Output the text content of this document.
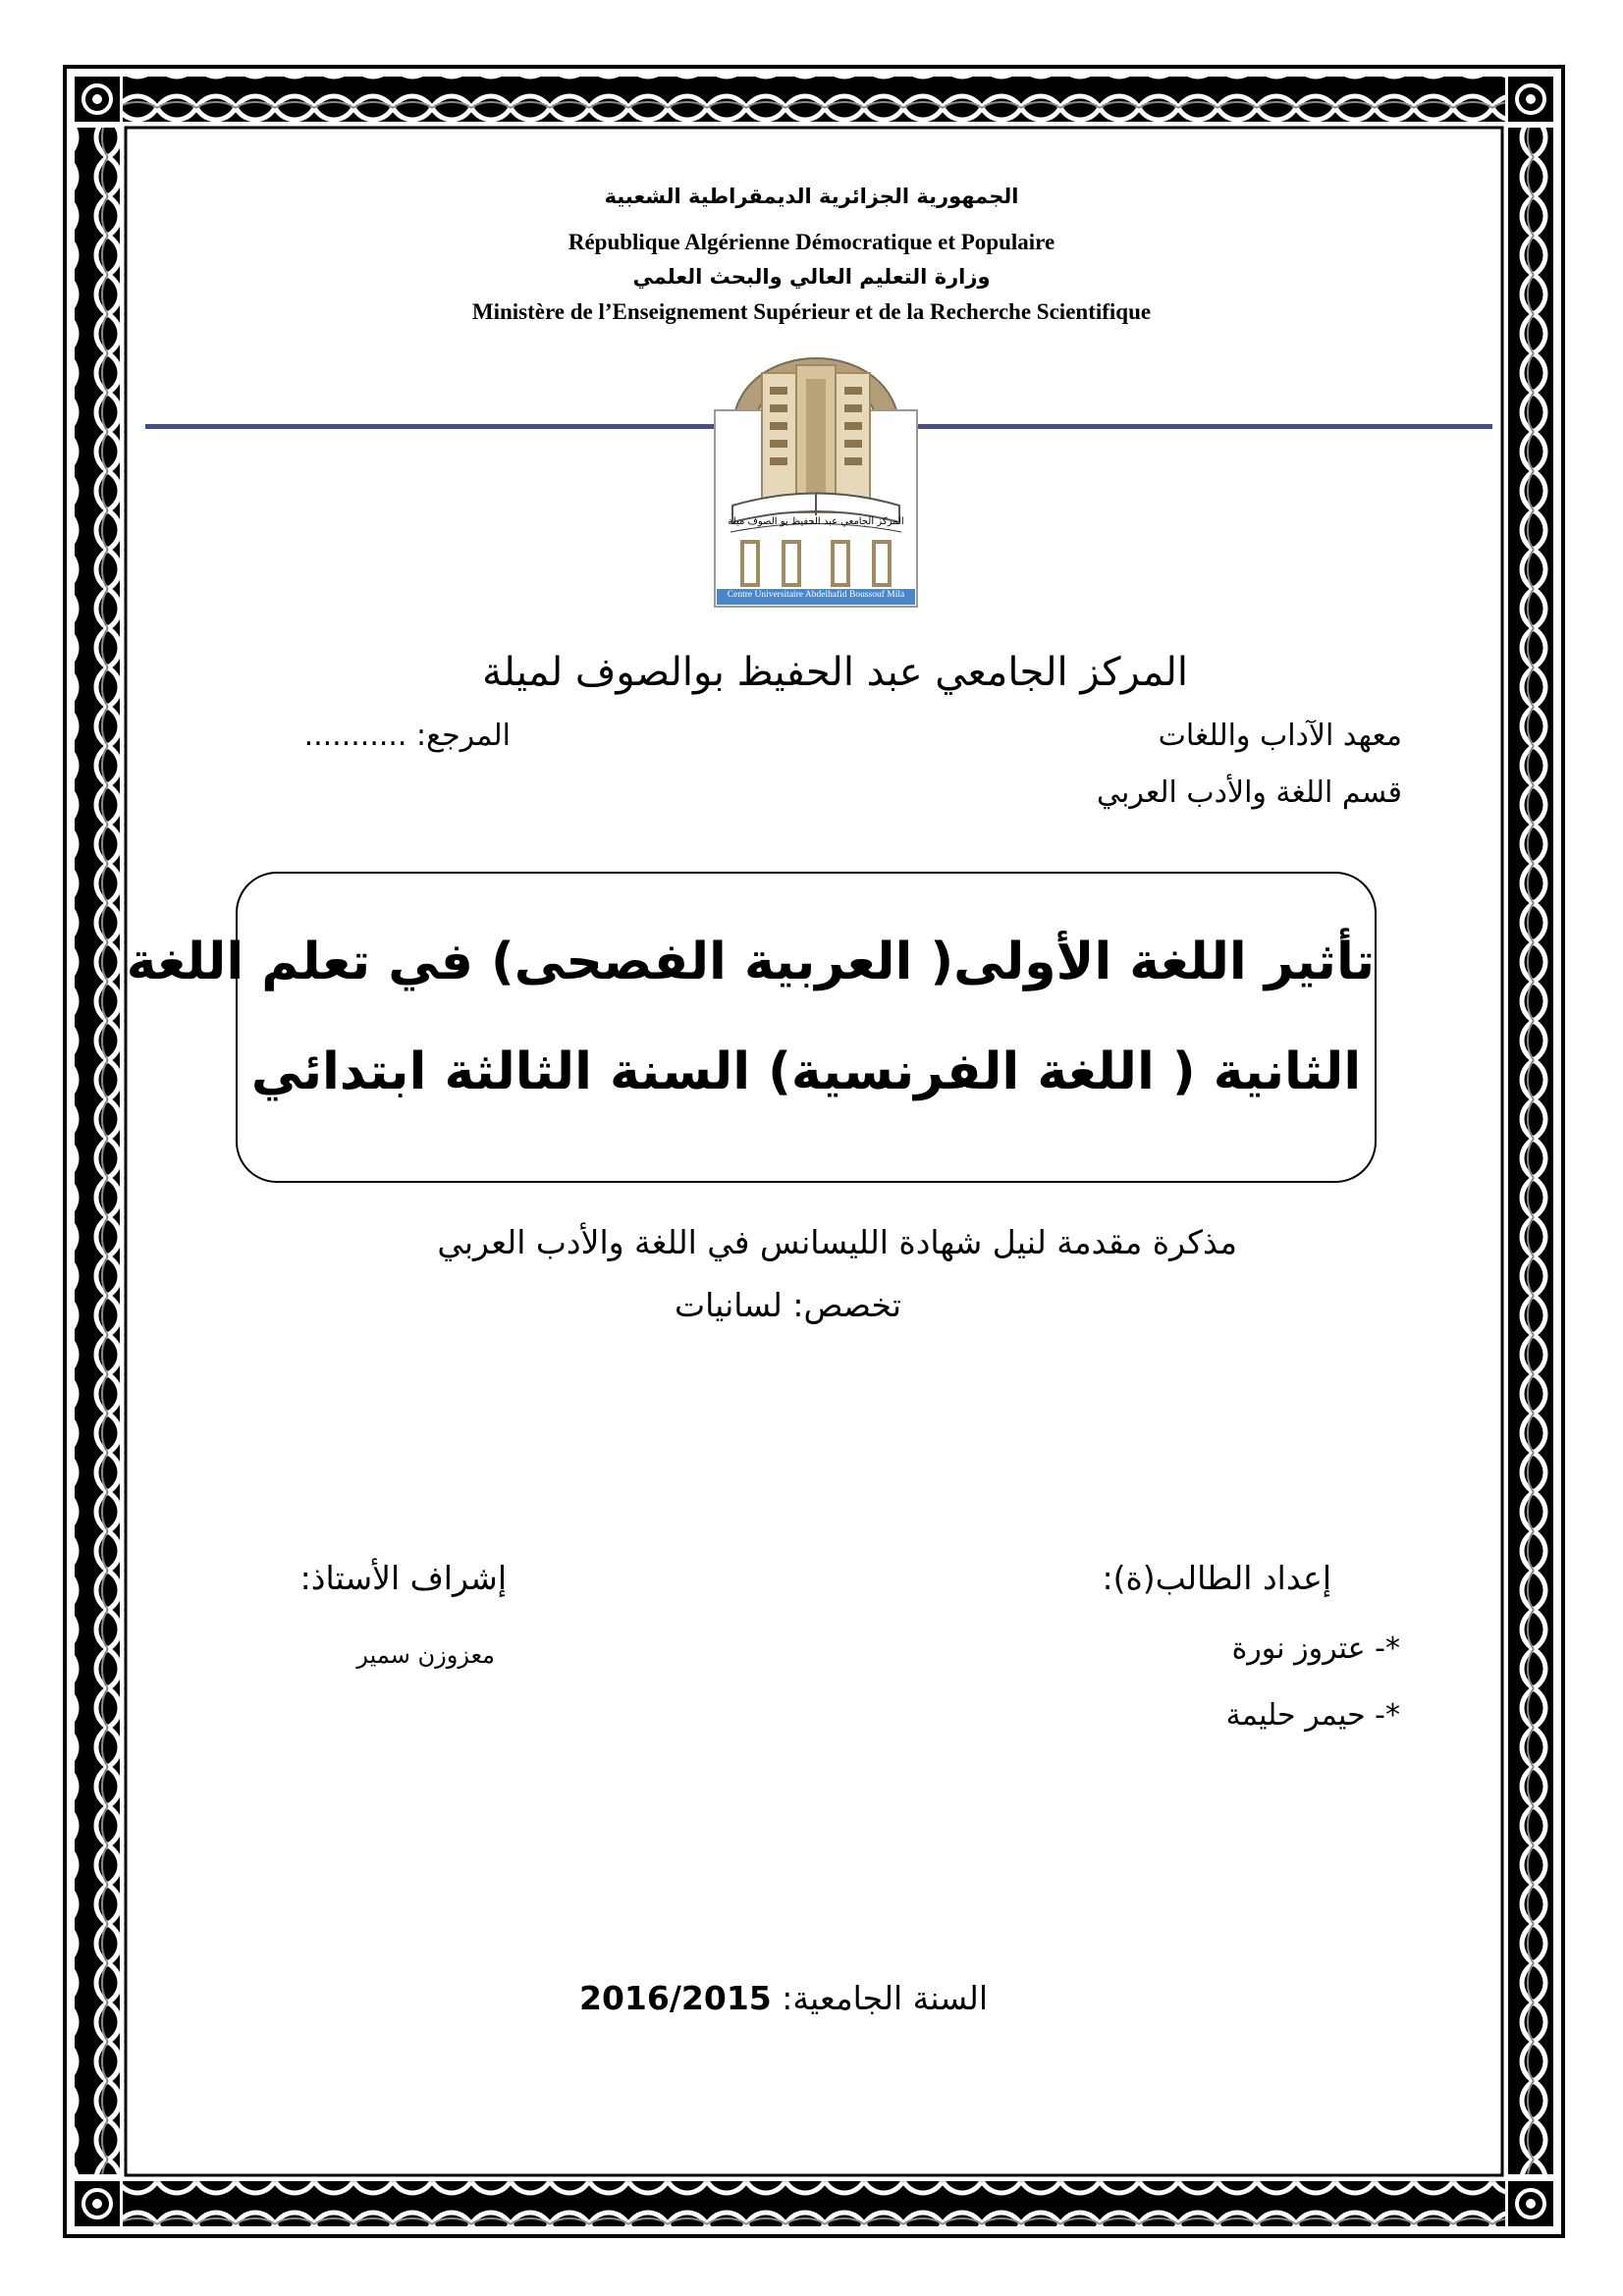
الجمهورية الجزائرية الديمقراطية الشعبية
République Algérienne Démocratique et Populaire
وزارة التعليم العالي والبحث العلمي
Ministère de l’Enseignement Supérieur et de la Recherche Scientifique
المركز الجامعي عبد الحفيظ بو الصوف ميلة
Centre Universitaire Abdelhafid Boussouf Mila
المركز الجامعي عبد الحفيظ بوالصوف لميلة
معهد الآداب واللغات
المرجع: ...........
قسم اللغة والأدب العربي
تأثير اللغة الأولى( العربية الفصحى) في تعلم اللغة
الثانية ( اللغة الفرنسية) السنة الثالثة ابتدائي
مذكرة مقدمة لنيل شهادة الليسانس في اللغة والأدب العربي
تخصص: لسانيات
إعداد الطالب(ة):
إشراف الأستاذ:
*- عتروز نورة
معزوزن سمير
*- حيمر حليمة
السنة الجامعية: 2016/2015
